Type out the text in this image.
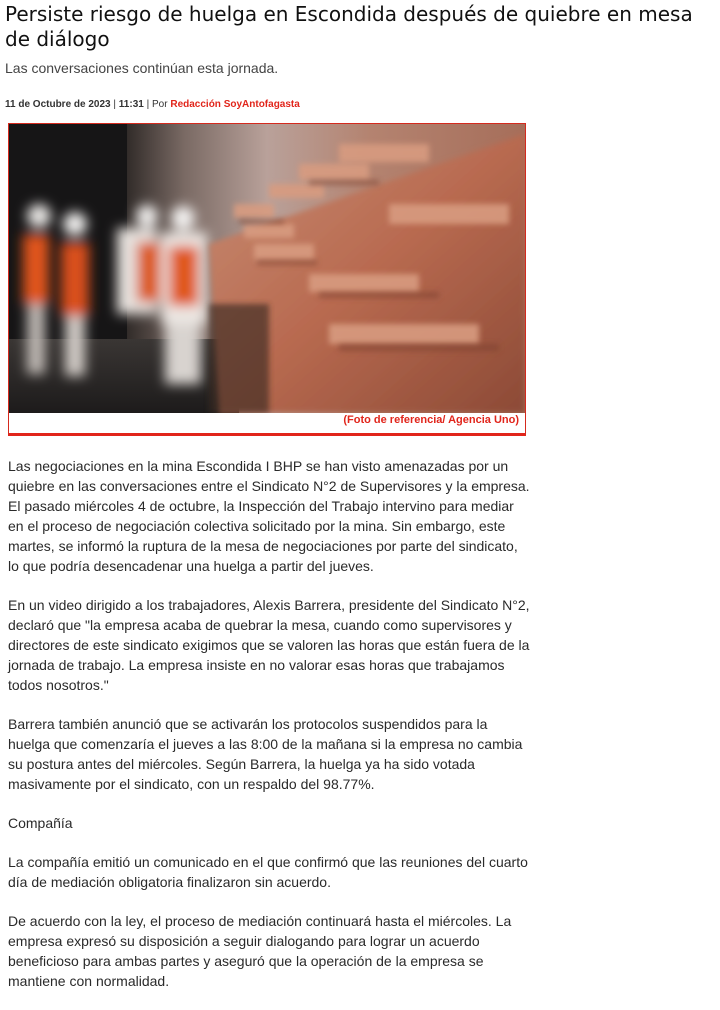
Persiste riesgo de huelga en Escondida después de quiebre en mesa de diálogo

Las conversaciones continúan esta jornada.

11 de Octubre de 2023 | 11:31 | Por Redacción SoyAntofagasta
(Foto de referencia/ Agencia Uno)

Las negociaciones en la mina Escondida I BHP se han visto amenazadas por un quiebre en las conversaciones entre el Sindicato N°2 de Supervisores y la empresa. El pasado miércoles 4 de octubre, la Inspección del Trabajo intervino para mediar en el proceso de negociación colectiva solicitado por la mina. Sin embargo, este martes, se informó la ruptura de la mesa de negociaciones por parte del sindicato, lo que podría desencadenar una huelga a partir del jueves.

En un video dirigido a los trabajadores, Alexis Barrera, presidente del Sindicato N°2, declaró que "la empresa acaba de quebrar la mesa, cuando como supervisores y directores de este sindicato exigimos que se valoren las horas que están fuera de la jornada de trabajo. La empresa insiste en no valorar esas horas que trabajamos todos nosotros."

Barrera también anunció que se activarán los protocolos suspendidos para la huelga que comenzaría el jueves a las 8:00 de la mañana si la empresa no cambia su postura antes del miércoles. Según Barrera, la huelga ya ha sido votada masivamente por el sindicato, con un respaldo del 98.77%.

Compañía

La compañía emitió un comunicado en el que confirmó que las reuniones del cuarto día de mediación obligatoria finalizaron sin acuerdo.

De acuerdo con la ley, el proceso de mediación continuará hasta el miércoles. La empresa expresó su disposición a seguir dialogando para lograr un acuerdo beneficioso para ambas partes y aseguró que la operación de la empresa se mantiene con normalidad.
